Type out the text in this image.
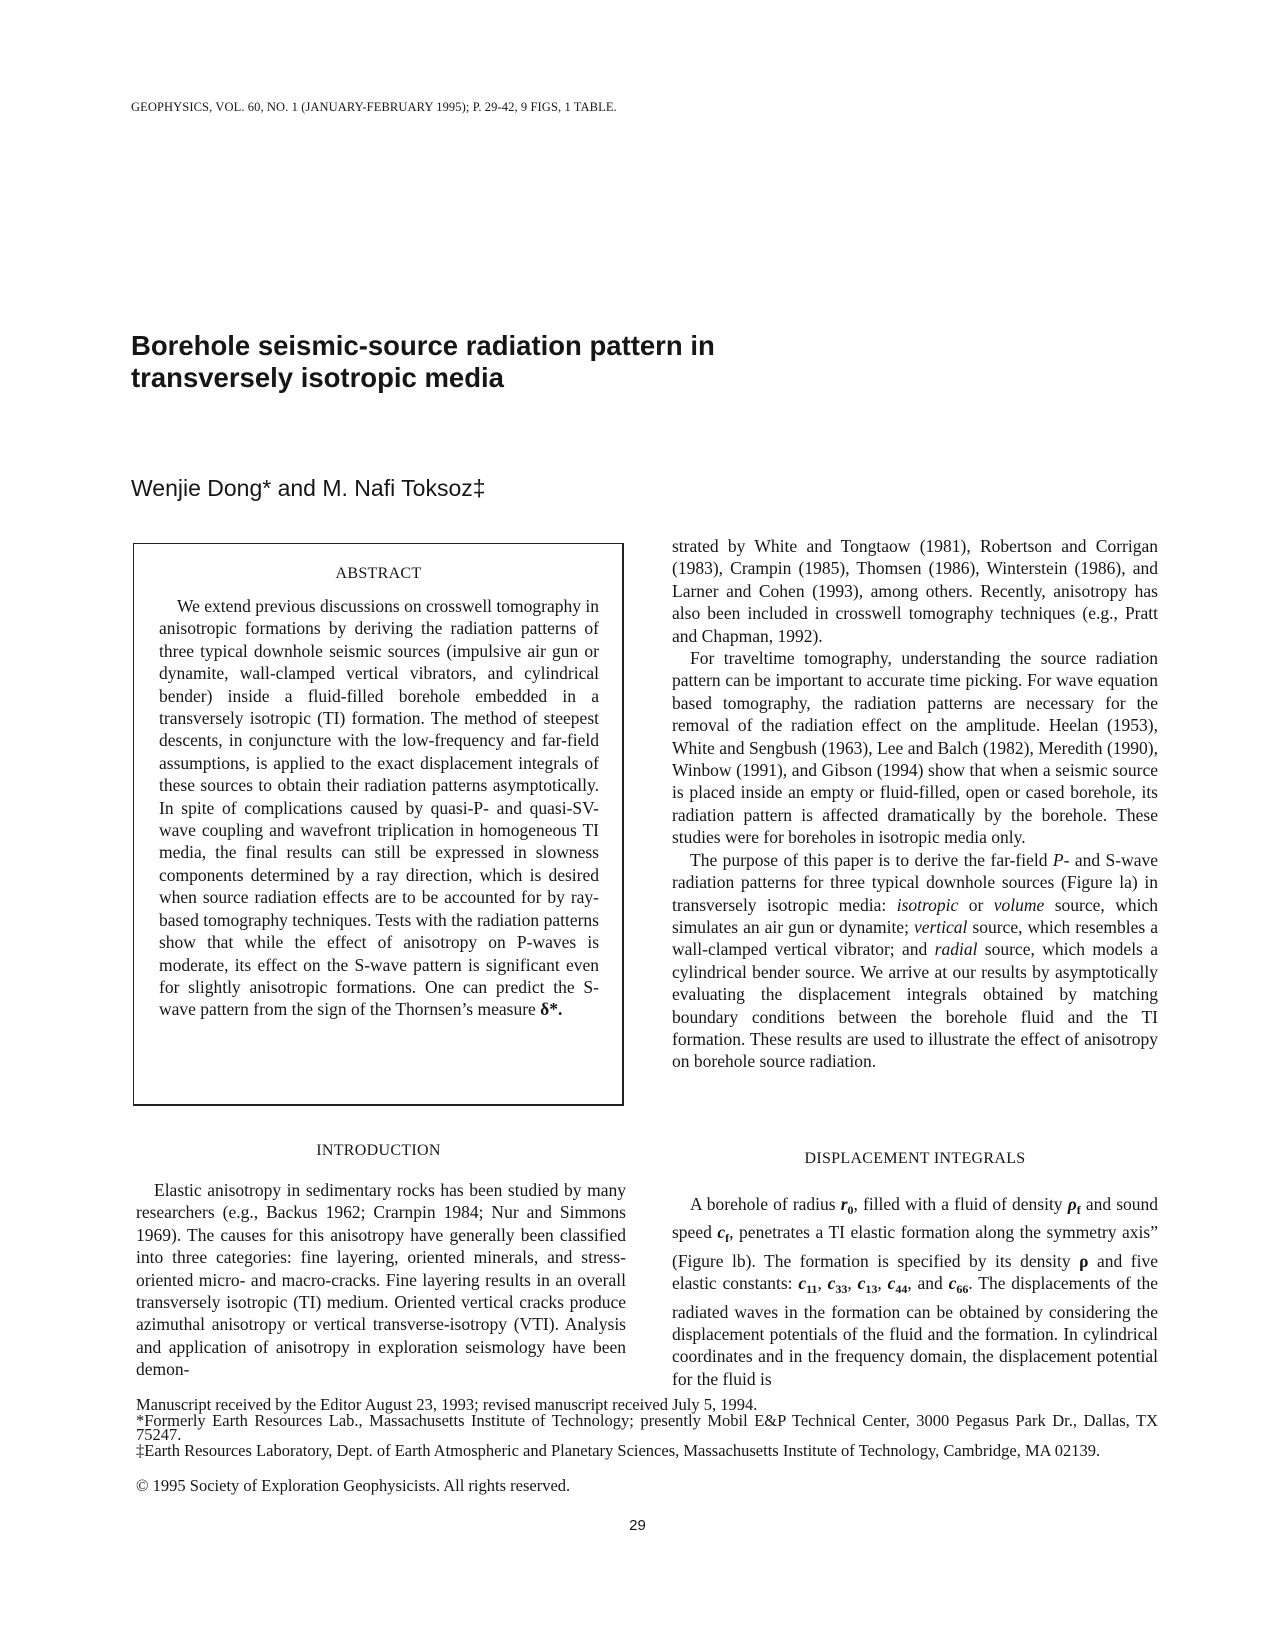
GEOPHYSICS, VOL. 60, NO. 1 (JANUARY-FEBRUARY 1995); P. 29-42, 9 FIGS, 1 TABLE.
Borehole seismic-source radiation pattern in
transversely isotropic media
Wenjie Dong* and M. Nafi Toksoz‡
ABSTRACT

We extend previous discussions on crosswell tomography in anisotropic formations by deriving the radiation patterns of three typical downhole seismic sources (impulsive air gun or dynamite, wall-clamped vertical vibrators, and cylindrical bender) inside a fluid-filled borehole embedded in a transversely isotropic (TI) formation. The method of steepest descents, in conjuncture with the low-frequency and far-field assumptions, is applied to the exact displacement integrals of these sources to obtain their radiation patterns asymptotically. In spite of complications caused by quasi-P- and quasi-SV-wave coupling and wavefront triplication in homogeneous TI media, the final results can still be expressed in slowness components determined by a ray direction, which is desired when source radiation effects are to be accounted for by ray-based tomography techniques. Tests with the radiation patterns show that while the effect of anisotropy on P-waves is moderate, its effect on the S-wave pattern is significant even for slightly anisotropic formations. One can predict the S-wave pattern from the sign of the Thornsen’s measure δ*.

INTRODUCTION

Elastic anisotropy in sedimentary rocks has been studied by many researchers (e.g., Backus 1962; Crarnpin 1984; Nur and Simmons 1969). The causes for this anisotropy have generally been classified into three categories: fine layering, oriented minerals, and stress-oriented micro- and macro-cracks. Fine layering results in an overall transversely isotropic (TI) medium. Oriented vertical cracks produce azimuthal anisotropy or vertical transverse-isotropy (VTI). Analysis and application of anisotropy in exploration seismology have been demon-

strated by White and Tongtaow (1981), Robertson and Corrigan (1983), Crampin (1985), Thomsen (1986), Winterstein (1986), and Larner and Cohen (1993), among others. Recently, anisotropy has also been included in crosswell tomography techniques (e.g., Pratt and Chapman, 1992).

For traveltime tomography, understanding the source radiation pattern can be important to accurate time picking. For wave equation based tomography, the radiation patterns are necessary for the removal of the radiation effect on the amplitude. Heelan (1953), White and Sengbush (1963), Lee and Balch (1982), Meredith (1990), Winbow (1991), and Gibson (1994) show that when a seismic source is placed inside an empty or fluid-filled, open or cased borehole, its radiation pattern is affected dramatically by the borehole. These studies were for boreholes in isotropic media only.

The purpose of this paper is to derive the far-field P- and S-wave radiation patterns for three typical downhole sources (Figure la) in transversely isotropic media: isotropic or volume source, which simulates an air gun or dynamite; vertical source, which resembles a wall-clamped vertical vibrator; and radial source, which models a cylindrical bender source. We arrive at our results by asymptotically evaluating the displacement integrals obtained by matching boundary conditions between the borehole fluid and the TI formation. These results are used to illustrate the effect of anisotropy on borehole source radiation.

DISPLACEMENT INTEGRALS

A borehole of radius $r_0$, filled with a fluid of density $\rho_f$ and sound speed $c_f$, penetrates a TI elastic formation along the symmetry axis” (Figure lb). The formation is specified by its density ρ and five elastic constants: $c_{11}$, $c_{33}$, $c_{13}$, $c_{44}$, and $c_{66}$. The displacements of the radiated waves in the formation can be obtained by considering the displacement potentials of the fluid and the formation. In cylindrical coordinates and in the frequency domain, the displacement potential for the fluid is

Manuscript received by the Editor August 23, 1993; revised manuscript received July 5, 1994.
*Formerly Earth Resources Lab., Massachusetts Institute of Technology; presently Mobil E&P Technical Center, 3000 Pegasus Park Dr., Dallas, TX 75247.
‡Earth Resources Laboratory, Dept. of Earth Atmospheric and Planetary Sciences, Massachusetts Institute of Technology, Cambridge, MA 02139.
© 1995 Society of Exploration Geophysicists. All rights reserved.
29
